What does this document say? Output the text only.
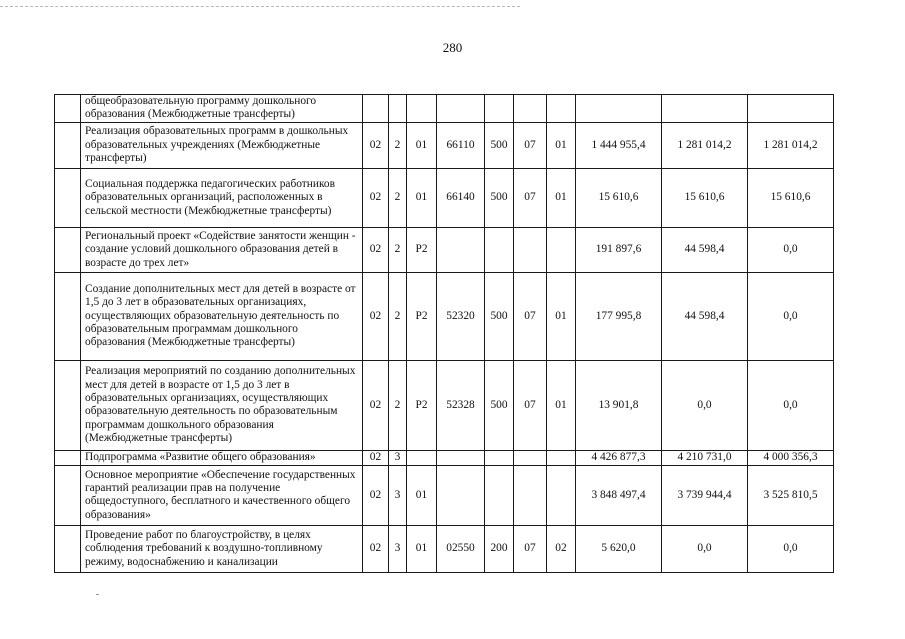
280
	общеобразовательную программу дошкольного образования (Межбюджетные трансферты)										
	Реализация образовательных программ в дошкольных образовательных учреждениях (Межбюджетные трансферты)	02	2	01	66110	500	07	01	1 444 955,4	1 281 014,2	1 281 014,2
	Социальная поддержка педагогических работников образовательных организаций, расположенных в сельской местности (Межбюджетные трансферты)	02	2	01	66140	500	07	01	15 610,6	15 610,6	15 610,6
	Региональный проект «Содействие занятости женщин - создание условий дошкольного образования детей в возрасте до трех лет»	02	2	P2					191 897,6	44 598,4	0,0
	Создание дополнительных мест для детей в возрасте от 1,5 до 3 лет в образовательных организациях, осуществляющих образовательную деятельность по образовательным программам дошкольного образования (Межбюджетные трансферты)	02	2	P2	52320	500	07	01	177 995,8	44 598,4	0,0
	Реализация мероприятий по созданию дополнительных мест для детей в возрасте от 1,5 до 3 лет в образовательных организациях, осуществляющих образовательную деятельность по образовательным программам дошкольного образования (Межбюджетные трансферты)	02	2	P2	52328	500	07	01	13 901,8	0,0	0,0
	Подпрограмма «Развитие общего образования»	02	3						4 426 877,3	4 210 731,0	4 000 356,3
	Основное мероприятие «Обеспечение государственных гарантий реализации прав на получение общедоступного, бесплатного и качественного общего образования»	02	3	01					3 848 497,4	3 739 944,4	3 525 810,5
	Проведение работ по благоустройству, в целях соблюдения требований к воздушно-топливному режиму, водоснабжению и канализации	02	3	01	02550	200	07	02	5 620,0	0,0	0,0
